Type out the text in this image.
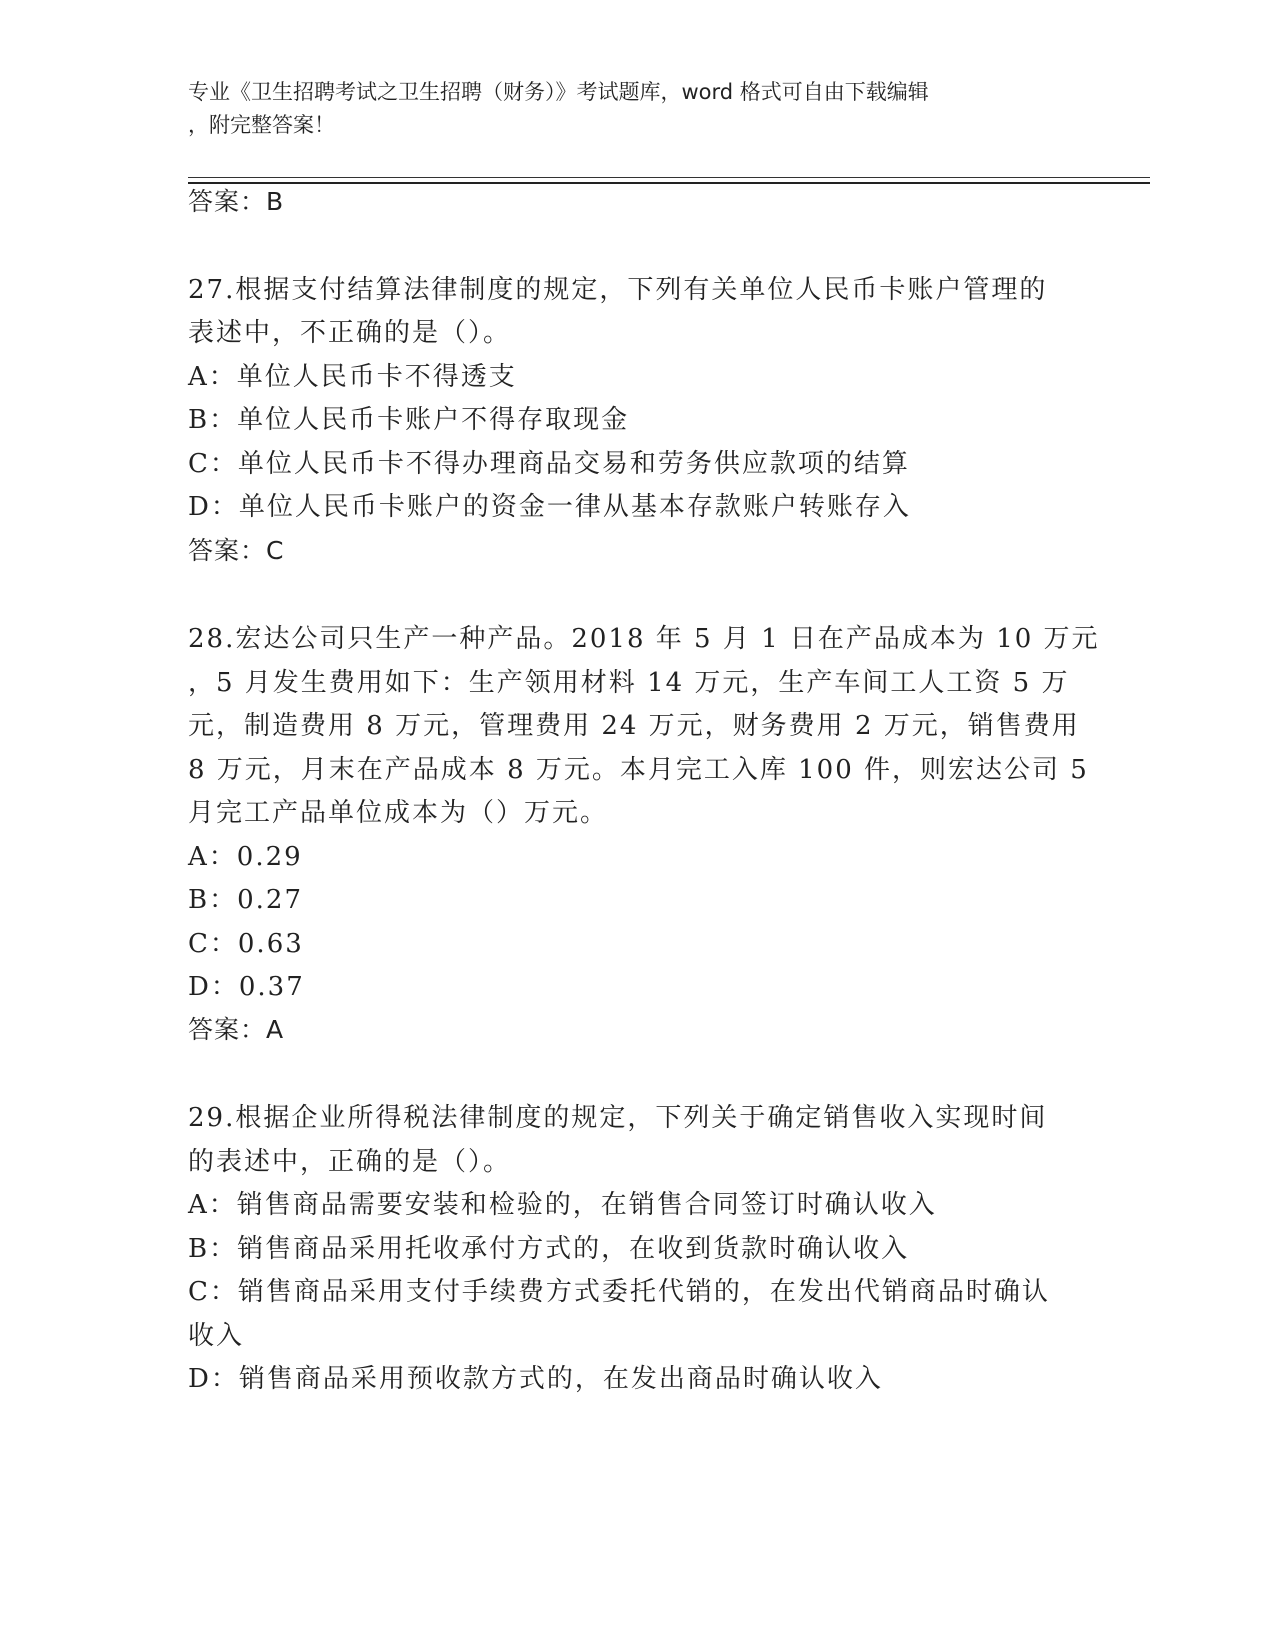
专业《卫生招聘考试之卫生招聘（财务）》考试题库，word 格式可自由下载编辑
，附完整答案！
答案：B
27.根据支付结算法律制度的规定，下列有关单位人民币卡账户管理的
表述中，不正确的是（）。
A：单位人民币卡不得透支
B：单位人民币卡账户不得存取现金
C：单位人民币卡不得办理商品交易和劳务供应款项的结算
D：单位人民币卡账户的资金一律从基本存款账户转账存入
答案：C
28.宏达公司只生产一种产品。2018 年 5 月 1 日在产品成本为 10 万元
，5 月发生费用如下：生产领用材料 14 万元，生产车间工人工资 5 万
元，制造费用 8 万元，管理费用 24 万元，财务费用 2 万元，销售费用
8 万元，月末在产品成本 8 万元。本月完工入库 100 件，则宏达公司 5
月完工产品单位成本为（）万元。
A：0.29
B：0.27
C：0.63
D：0.37
答案：A
29.根据企业所得税法律制度的规定，下列关于确定销售收入实现时间
的表述中，正确的是（）。
A：销售商品需要安装和检验的，在销售合同签订时确认收入
B：销售商品采用托收承付方式的，在收到货款时确认收入
C：销售商品采用支付手续费方式委托代销的，在发出代销商品时确认
收入
D：销售商品采用预收款方式的，在发出商品时确认收入
